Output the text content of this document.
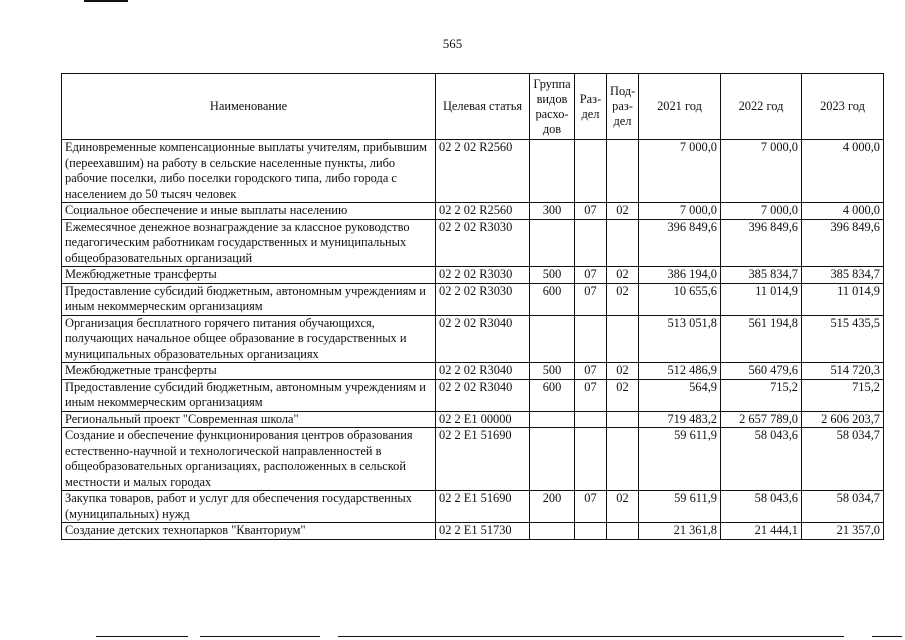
565
Наименование	Целевая статья	Группа видов расхо- дов	Раз- дел	Под- раз- дел	2021 год	2022 год	2023 год
Единовременные компенсационные выплаты учителям, прибывшим (переехавшим) на работу в сельские населенные пункты, либо рабочие поселки, либо поселки городского типа, либо города с населением до 50 тысяч человек	02 2 02 R2560				7 000,0	7 000,0	4 000,0
Социальное обеспечение и иные выплаты населению	02 2 02 R2560	300	07	02	7 000,0	7 000,0	4 000,0
Ежемесячное денежное вознаграждение за классное руководство педагогическим работникам государственных и муниципальных общеобразовательных организаций	02 2 02 R3030				396 849,6	396 849,6	396 849,6
Межбюджетные трансферты	02 2 02 R3030	500	07	02	386 194,0	385 834,7	385 834,7
Предоставление субсидий бюджетным, автономным учреждениям и иным некоммерческим организациям	02 2 02 R3030	600	07	02	10 655,6	11 014,9	11 014,9
Организация бесплатного горячего питания обучающихся, получающих начальное общее образование в государственных и муниципальных образовательных организациях	02 2 02 R3040				513 051,8	561 194,8	515 435,5
Межбюджетные трансферты	02 2 02 R3040	500	07	02	512 486,9	560 479,6	514 720,3
Предоставление субсидий бюджетным, автономным учреждениям и иным некоммерческим организациям	02 2 02 R3040	600	07	02	564,9	715,2	715,2
Региональный проект "Современная школа"	02 2 E1 00000				719 483,2	2 657 789,0	2 606 203,7
Создание и обеспечение функционирования центров образования естественно-научной и технологической направленностей в общеобразовательных организациях, расположенных в сельской местности и малых городах	02 2 E1 51690				59 611,9	58 043,6	58 034,7
Закупка товаров, работ и услуг для обеспечения государственных (муниципальных) нужд	02 2 E1 51690	200	07	02	59 611,9	58 043,6	58 034,7
Создание детских технопарков "Кванториум"	02 2 E1 51730				21 361,8	21 444,1	21 357,0
